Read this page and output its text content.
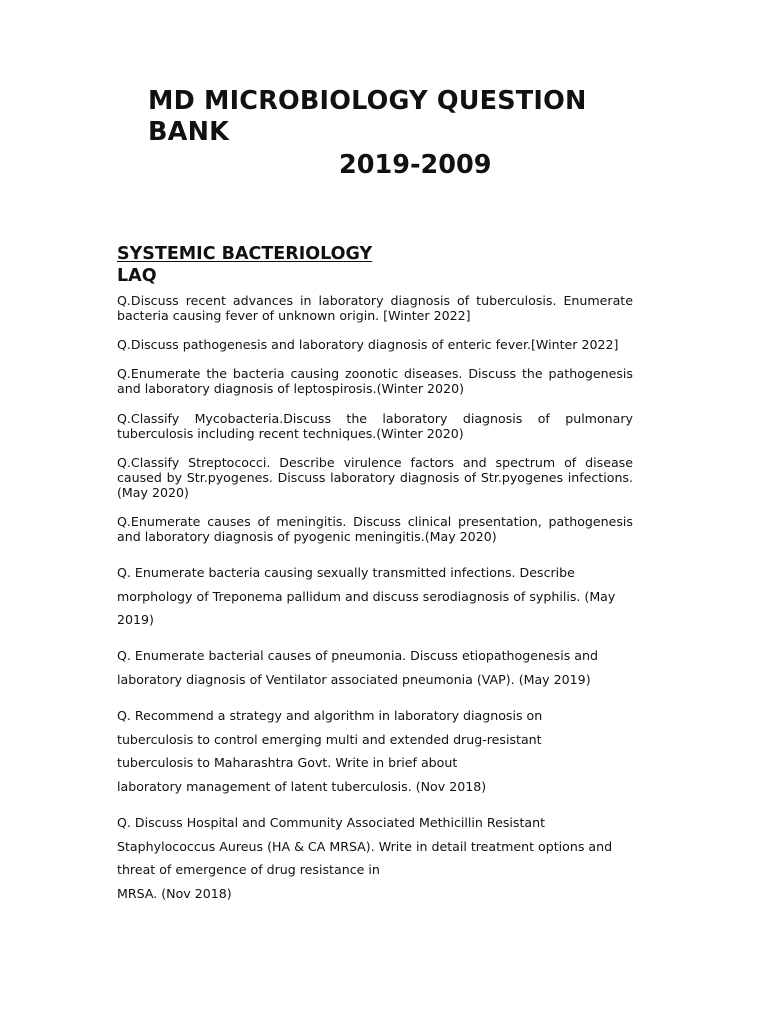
MD MICROBIOLOGY QUESTION BANK
2019-2009
SYSTEMIC BACTERIOLOGY
LAQ

Q.Discuss recent advances in laboratory diagnosis of tuberculosis. Enumerate bacteria causing fever of unknown origin. [Winter 2022]

Q.Discuss pathogenesis and laboratory diagnosis of enteric fever.[Winter 2022]

Q.Enumerate the bacteria causing zoonotic diseases. Discuss the pathogenesis and laboratory diagnosis of leptospirosis.(Winter 2020)

Q.Classify Mycobacteria.Discuss the laboratory diagnosis of pulmonary tuberculosis including recent techniques.(Winter 2020)

Q.Classify Streptococci. Describe virulence factors and spectrum of disease caused by Str.pyogenes. Discuss laboratory diagnosis of Str.pyogenes infections.(May 2020)

Q.Enumerate causes of meningitis. Discuss clinical presentation, pathogenesis and laboratory diagnosis of pyogenic meningitis.(May 2020)

Q. Enumerate bacteria causing sexually transmitted infections. Describe
morphology of Treponema pallidum and discuss serodiagnosis of syphilis. (May
2019)
Q. Enumerate bacterial causes of pneumonia. Discuss etiopathogenesis and
laboratory diagnosis of Ventilator associated pneumonia (VAP). (May 2019)
Q. Recommend a strategy and algorithm in laboratory diagnosis on
tuberculosis to control emerging multi and extended drug-resistant
tuberculosis to Maharashtra Govt. Write in brief about
laboratory management of latent tuberculosis. (Nov 2018)
Q. Discuss Hospital and Community Associated Methicillin Resistant
Staphylococcus Aureus (HA & CA MRSA). Write in detail treatment options and
threat of emergence of drug resistance in
MRSA. (Nov 2018)
